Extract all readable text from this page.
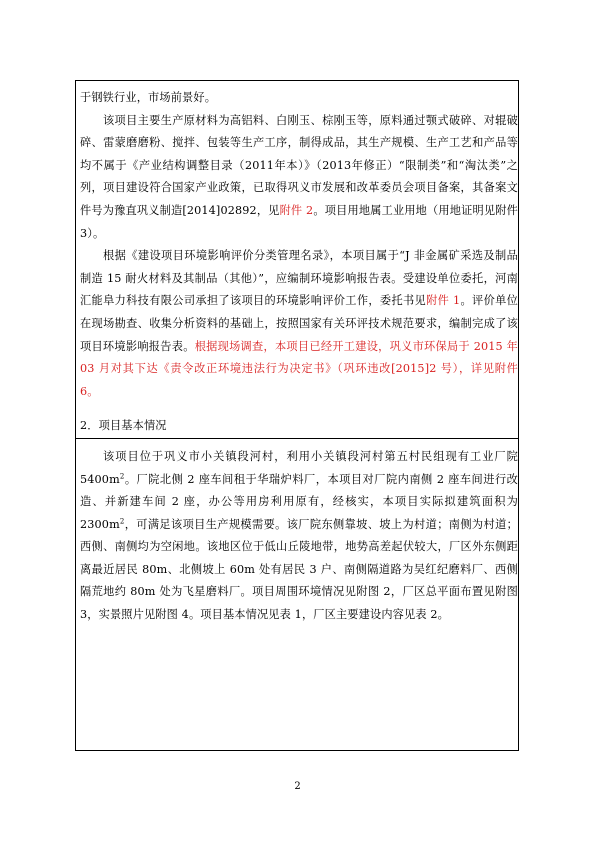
于钢铁行业，市场前景好。

该项目主要生产原材料为高铝料、白刚玉、棕刚玉等，原料通过颚式破碎、对辊破碎、雷蒙磨磨粉、搅拌、包装等生产工序，制得成品，其生产规模、生产工艺和产品等均不属于《产业结构调整目录（2011年本）》（2013年修正）“限制类”和“淘汰类”之列，项目建设符合国家产业政策，已取得巩义市发展和改革委员会项目备案，其备案文件号为豫直巩义制造[2014]02892，见附件 2。项目用地属工业用地（用地证明见附件 3）。

根据《建设项目环境影响评价分类管理名录》，本项目属于“J 非金属矿采选及制品制造 15 耐火材料及其制品（其他）”，应编制环境影响报告表。受建设单位委托，河南汇能阜力科技有限公司承担了该项目的环境影响评价工作，委托书见附件 1。评价单位在现场勘查、收集分析资料的基础上，按照国家有关环评技术规范要求，编制完成了该项目环境影响报告表。根据现场调查，本项目已经开工建设，巩义市环保局于 2015 年 03 月对其下达《责令改正环境违法行为决定书》（巩环违改[2015]2 号），详见附件 6。

2．项目基本情况

该项目位于巩义市小关镇段河村，利用小关镇段河村第五村民组现有工业厂院 $5400m^2$。厂院北侧 2 座车间租于华瑞炉料厂，本项目对厂院内南侧 2 座车间进行改造、并新建车间 2 座，办公等用房利用原有，经核实，本项目实际拟建筑面积为 $2300m^2$，可满足该项目生产规模需要。该厂院东侧靠坡、坡上为村道；南侧为村道；西侧、南侧均为空闲地。该地区位于低山丘陵地带，地势高差起伏较大，厂区外东侧距离最近居民 80m、北侧坡上 60m 处有居民 3 户、南侧隔道路为吴红纪磨料厂、西侧隔荒地约 80m 处为飞星磨料厂。项目周围环境情况见附图 2，厂区总平面布置见附图 3，实景照片见附图 4。项目基本情况见表 1，厂区主要建设内容见表 2。

2
